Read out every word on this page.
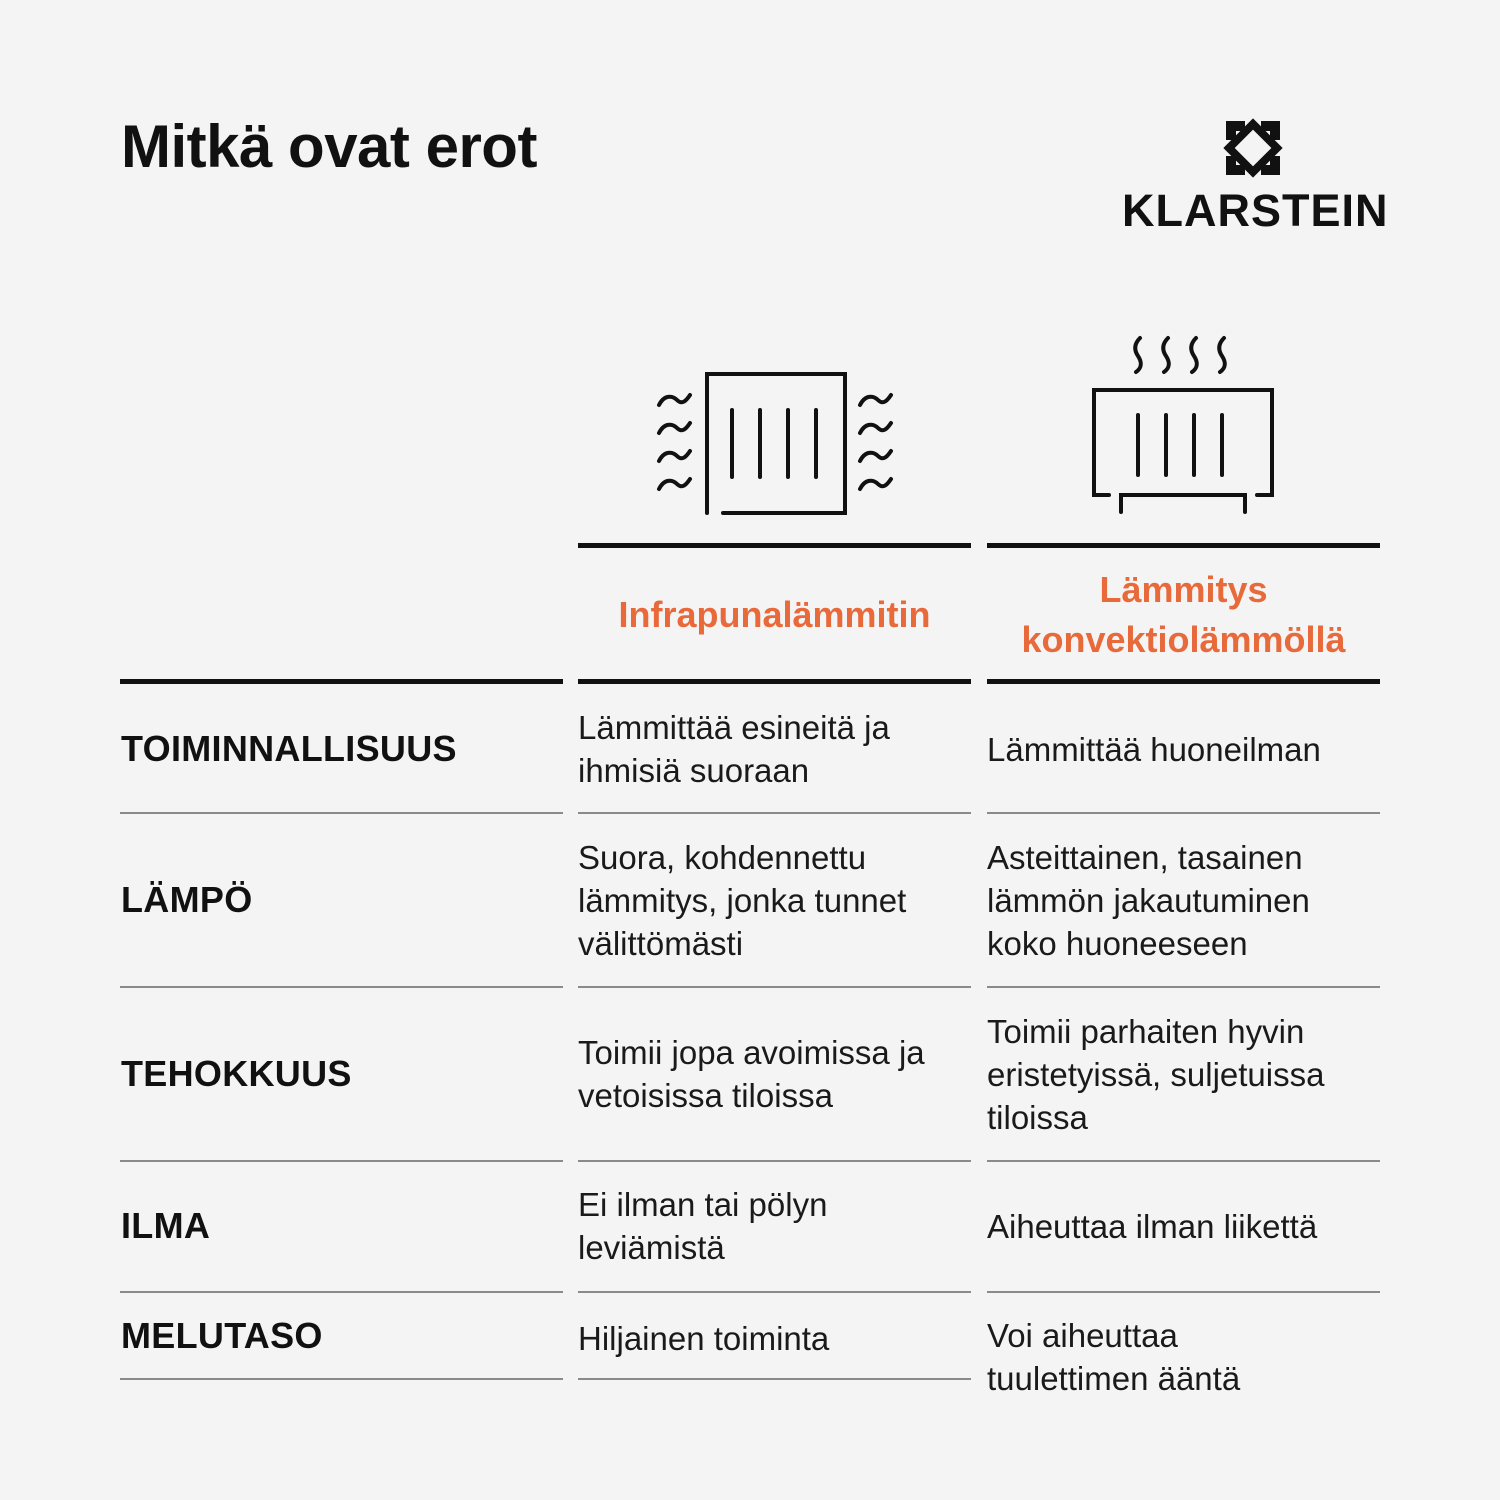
Mitkä ovat erot
KLARSTEIN
Infrapunalämmitin
Lämmitys konvektiolämmöllä
TOIMINNALLISUUS
Lämmittää esineitä ja ihmisiä suoraan
Lämmittää huoneilman
LÄMPÖ
Suora, kohdennettu lämmitys, jonka tunnet välittömästi
Asteittainen, tasainen lämmön jakautuminen koko huoneeseen
TEHOKKUUS
Toimii jopa avoimissa ja vetoisissa tiloissa
Toimii parhaiten hyvin eristetyissä, suljetuissa tiloissa
ILMA
Ei ilman tai pölyn leviämistä
Aiheuttaa ilman liikettä
MELUTASO	Hiljainen toiminta	Voi aiheuttaa tuulettimen ääntä
